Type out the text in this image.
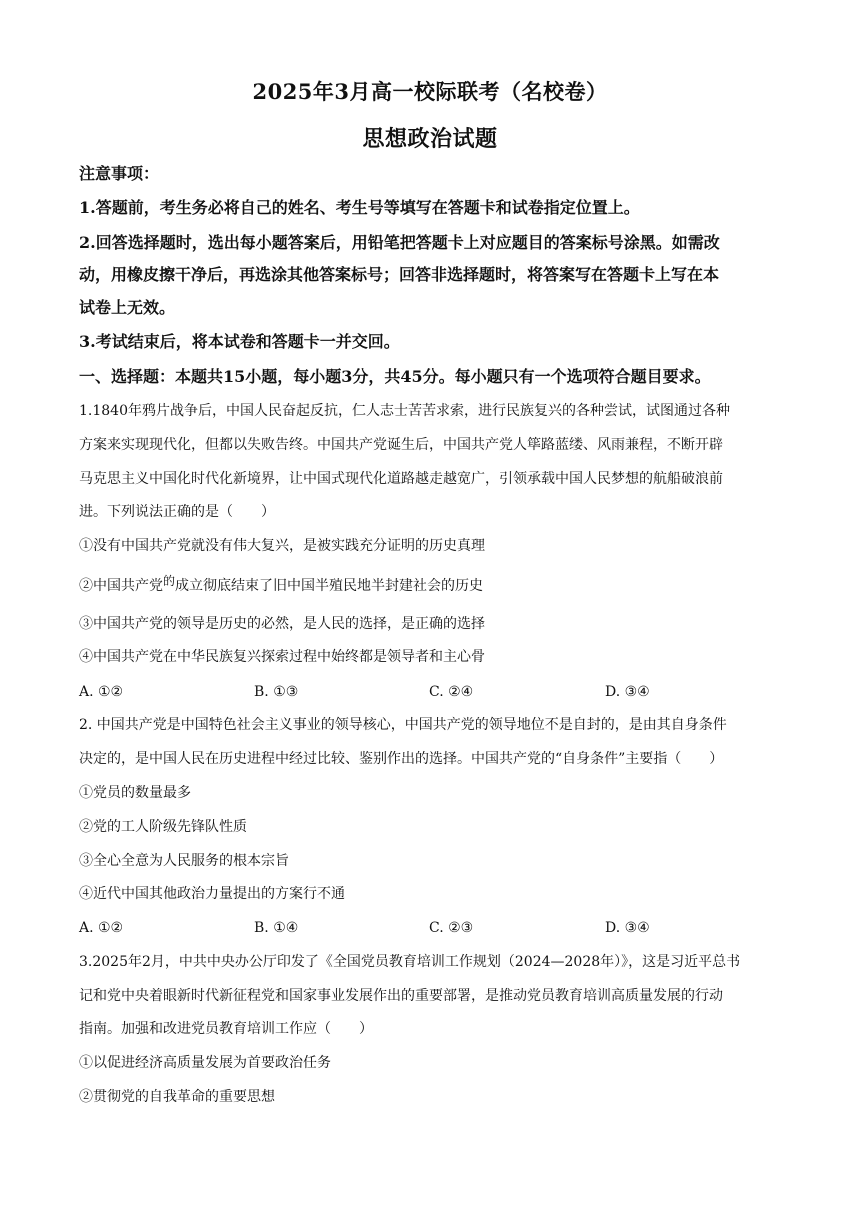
2025年3月高一校际联考（名校卷）
思想政治试题
注意事项：
1.答题前，考生务必将自己的姓名、考生号等填写在答题卡和试卷指定位置上。
2.回答选择题时，选出每小题答案后，用铅笔把答题卡上对应题目的答案标号涂黑。如需改
动，用橡皮擦干净后，再选涂其他答案标号；回答非选择题时，将答案写在答题卡上写在本
试卷上无效。
3.考试结束后，将本试卷和答题卡一并交回。
一、选择题：本题共15小题，每小题3分，共45分。每小题只有一个选项符合题目要求。
1.1840年鸦片战争后，中国人民奋起反抗，仁人志士苦苦求索，进行民族复兴的各种尝试，试图通过各种
方案来实现现代化，但都以失败告终。中国共产党诞生后，中国共产党人筚路蓝缕、风雨兼程，不断开辟
马克思主义中国化时代化新境界，让中国式现代化道路越走越宽广，引领承载中国人民梦想的航船破浪前
进。下列说法正确的是（　　）
①没有中国共产党就没有伟大复兴，是被实践充分证明的历史真理
②中国共产党的成立彻底结束了旧中国半殖民地半封建社会的历史
③中国共产党的领导是历史的必然，是人民的选择，是正确的选择
④中国共产党在中华民族复兴探索过程中始终都是领导者和主心骨
A. ①②	B. ①③	C. ②④	D. ③④
2. 中国共产党是中国特色社会主义事业的领导核心，中国共产党的领导地位不是自封的，是由其自身条件
决定的，是中国人民在历史进程中经过比较、鉴别作出的选择。中国共产党的“自身条件”主要指（　　）
①党员的数量最多
②党的工人阶级先锋队性质
③全心全意为人民服务的根本宗旨
④近代中国其他政治力量提出的方案行不通
A. ①②	B. ①④	C. ②③	D. ③④
3.2025年2月，中共中央办公厅印发了《全国党员教育培训工作规划（2024—2028年）》，这是习近平总书
记和党中央着眼新时代新征程党和国家事业发展作出的重要部署，是推动党员教育培训高质量发展的行动
指南。加强和改进党员教育培训工作应（　　）
①以促进经济高质量发展为首要政治任务
②贯彻党的自我革命的重要思想
